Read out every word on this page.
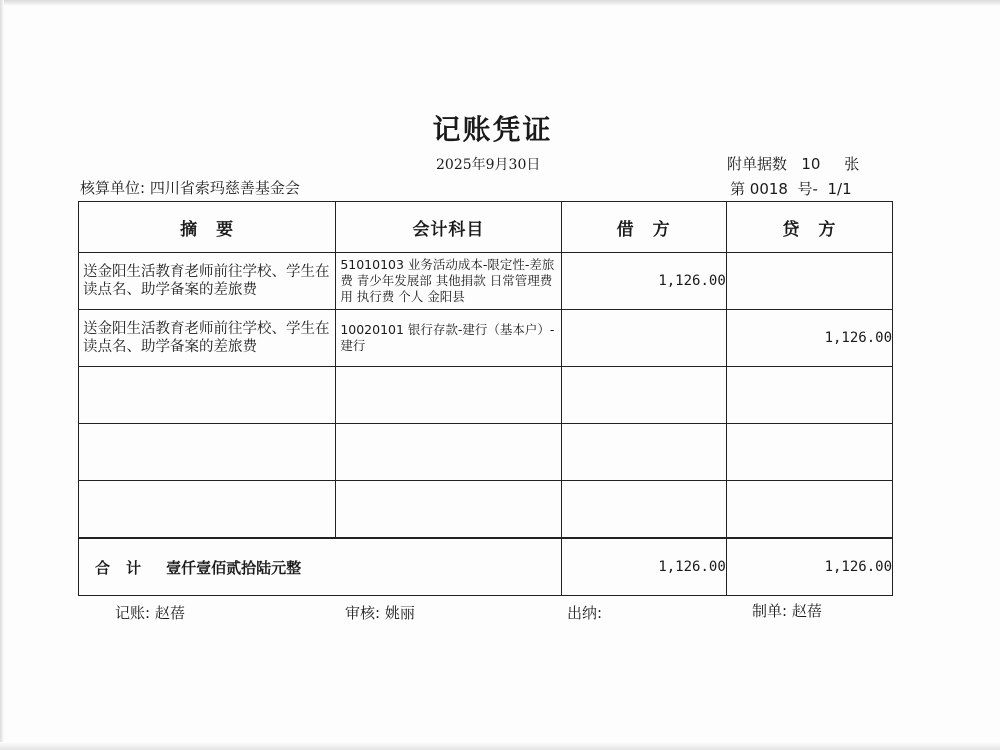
记账凭证
2025年9月30日	附单据数 10 张
核算单位: 四川省索玛慈善基金会	第 0018 号- 1/1
摘　要	会计科目	借　方	贷　方

送金阳生活教育老师前往学校、学生在读点名、助学备案的差旅费	51010103 业务活动成本-限定性-差旅费 青少年发展部 其他捐款 日常管理费用 执行费 个人 金阳县	1,126.00	

送金阳生活教育老师前往学校、学生在读点名、助学备案的差旅费	10020101 银行存款-建行（基本户）-建行		1,126.00

合 计 壹仟壹佰贰拾陆元整		1,126.00	1,126.00
记账: 赵蓓	审核: 姚丽	出纳:	制单: 赵蓓
